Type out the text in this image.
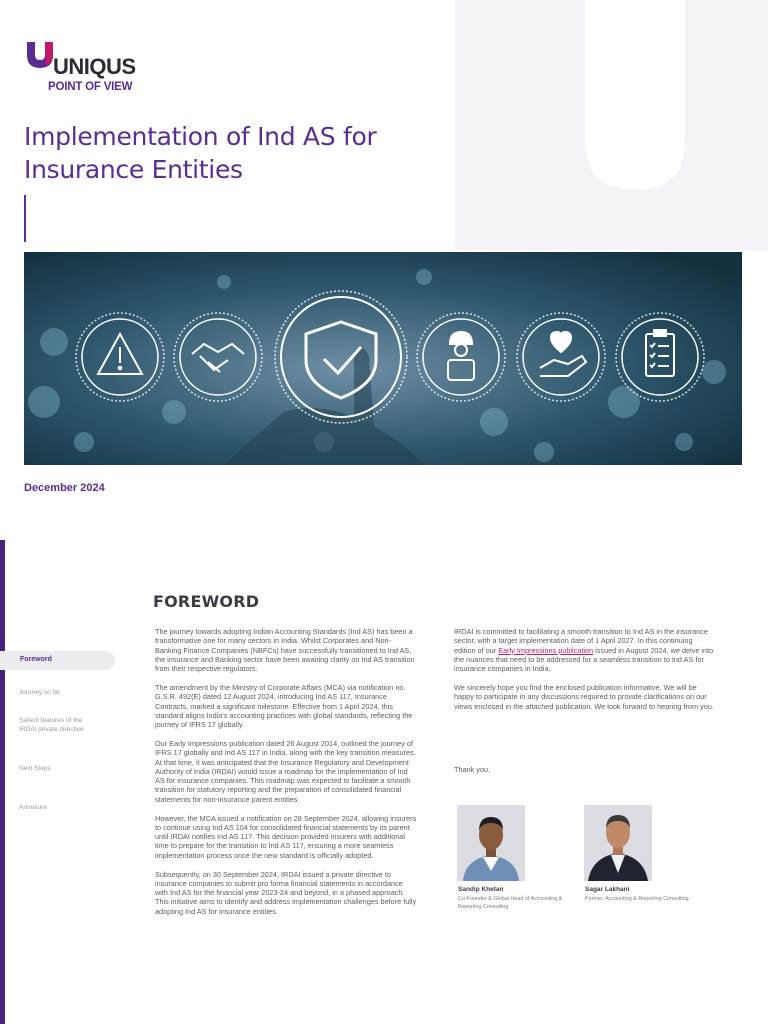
UNIQUS
POINT OF VIEW
Implementation of Ind AS for Insurance Entities
December 2024
Foreword
Journey so far
Salient features of the IRDAI private directive
Next Steps
Annexure
FOREWORD

The journey towards adopting Indian Accounting Standards (Ind AS) has been a transformative one for many sectors in India. Whilst Corporates and Non-Banking Finance Companies (NBFCs) have successfully transitioned to Ind AS, the insurance and Banking sector have been awaiting clarity on Ind AS transition from their respective regulators.

The amendment by the Ministry of Corporate Affairs (MCA) via notification no. G.S.R. 492(E) dated 12 August 2024, introducing Ind AS 117, Insurance Contracts, marked a significant milestone. Effective from 1 April 2024, this standard aligns India's accounting practices with global standards, reflecting the journey of IFRS 17 globally.

Our Early Impressions publication dated 26 August 2014, outlined the journey of IFRS 17 globally and Ind AS 117 in India, along with the key transition measures. At that time, it was anticipated that the Insurance Regulatory and Development Authority of India (IRDAI) would issue a roadmap for the implementation of Ind AS for insurance companies. This roadmap was expected to facilitate a smooth transition for statutory reporting and the preparation of consolidated financial statements for non-insurance parent entities.

However, the MCA issued a notification on 28 September 2024, allowing insurers to continue using Ind AS 104 for consolidated financial statements by its parent until IRDAI notifies Ind AS 117. This decision provided insurers with additional time to prepare for the transition to Ind AS 117, ensuring a more seamless implementation process once the new standard is officially adopted.

Subsequently, on 30 September 2024, IRDAI issued a private directive to insurance companies to submit pro forma financial statements in accordance with Ind AS for the financial year 2023-24 and beyond, in a phased approach. This initiative aims to identify and address implementation challenges before fully adopting Ind AS for insurance entities.

IRDAI is committed to facilitating a smooth transition to Ind AS in the insurance sector, with a target implementation date of 1 April 2027. In this continuing edition of our Early Impressions publication issued in August 2024, we delve into the nuances that need to be addressed for a seamless transition to Ind AS for insurance companies in India.

We sincerely hope you find the enclosed publication informative. We will be happy to participate in any discussions required to provide clarifications on our views enclosed in the attached publication. We look forward to hearing from you.

Thank you,
Sandip Khetan
Co-Founder & Global Head of Accounting & Reporting Consulting
Sagar Lakhani
Partner, Accounting & Reporting Consulting
